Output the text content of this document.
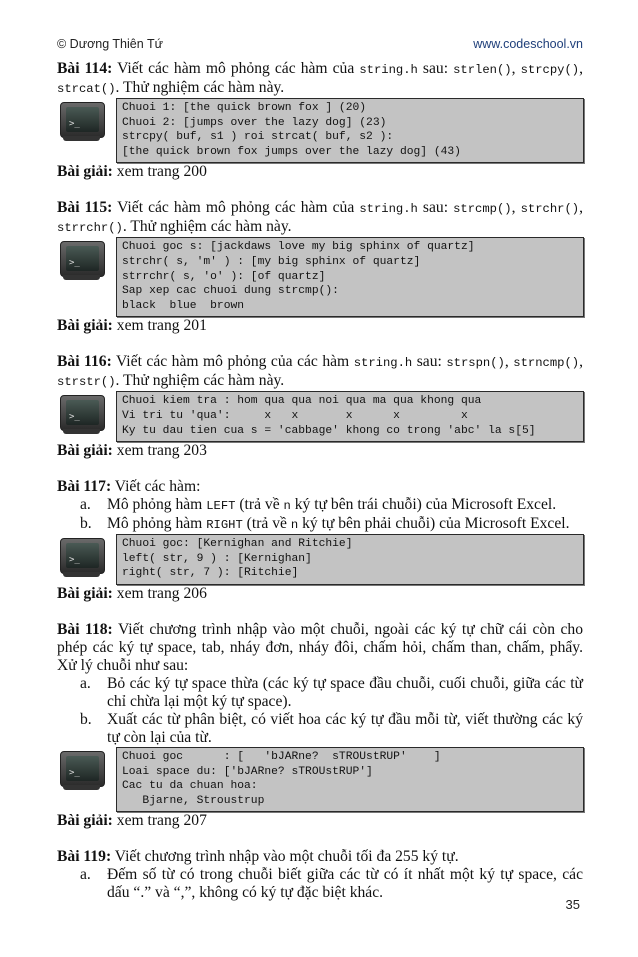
© Dương Thiên Tứ	www.codeschool.vn
Bài 114: Viết các hàm mô phỏng các hàm của string.h sau: strlen(), strcpy(), strcat(). Thử nghiệm các hàm này.
>_
Chuoi 1: [the quick brown fox ] (20)
Chuoi 2: [jumps over the lazy dog] (23)
strcpy( buf, s1 ) roi strcat( buf, s2 ):
[the quick brown fox jumps over the lazy dog] (43)
Bài giải: xem trang 200
Bài 115: Viết các hàm mô phỏng các hàm của string.h sau: strcmp(), strchr(), strrchr(). Thử nghiệm các hàm này.
>_
Chuoi goc s: [jackdaws love my big sphinx of quartz]
strchr( s, 'm' ) : [my big sphinx of quartz]
strrchr( s, 'o' ): [of quartz]
Sap xep cac chuoi dung strcmp():
black  blue  brown
Bài giải: xem trang 201
Bài 116: Viết các hàm mô phỏng của các hàm string.h sau: strspn(), strncmp(), strstr(). Thử nghiệm các hàm này.
>_
Chuoi kiem tra : hom qua qua noi qua ma qua khong qua
Vi tri tu 'qua':     x   x       x      x         x
Ky tu dau tien cua s = 'cabbage' khong co trong 'abc' la s[5]
Bài giải: xem trang 203
Bài 117: Viết các hàm:
a.	Mô phỏng hàm LEFT (trả về n ký tự bên trái chuỗi) của Microsoft Excel.
b. Mô phỏng hàm RIGHT (trả về n ký tự bên phải chuỗi) của Microsoft Excel.
>_
Chuoi goc: [Kernighan and Ritchie]
left( str, 9 ) : [Kernighan]
right( str, 7 ): [Ritchie]
Bài giải: xem trang 206
Bài 118: Viết chương trình nhập vào một chuỗi, ngoài các ký tự chữ cái còn cho phép các ký tự space, tab, nháy đơn, nháy đôi, chấm hỏi, chấm than, chấm, phẩy. Xử lý chuỗi như sau:
a.	Bỏ các ký tự space thừa (các ký tự space đầu chuỗi, cuối chuỗi, giữa các từ chỉ chừa lại một ký tự space).
b. Xuất các từ phân biệt, có viết hoa các ký tự đầu mỗi từ, viết thường các ký tự còn lại của từ.
>_
Chuoi goc      : [   'bJARne?  sTROUstRUP'    ]
Loai space du: ['bJARne? sTROUstRUP']
Cac tu da chuan hoa:
Bjarne, Stroustrup
Bài giải: xem trang 207
Bài 119: Viết chương trình nhập vào một chuỗi tối đa 255 ký tự.
a.	Đếm số từ có trong chuỗi biết giữa các từ có ít nhất một ký tự space, các dấu “.” và “,”, không có ký tự đặc biệt khác.
35
